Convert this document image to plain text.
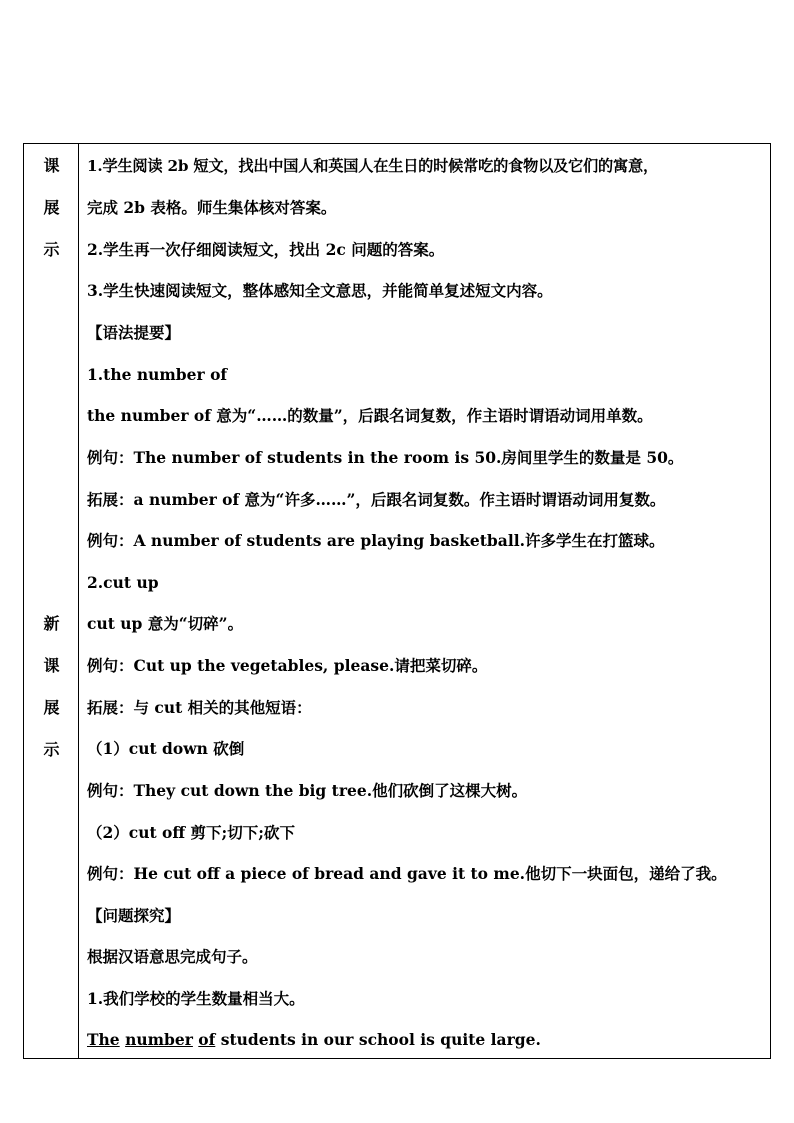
课
展
示
新
课
展
示
1.学生阅读 2b 短文，找出中国人和英国人在生日的时候常吃的食物以及它们的寓意，
完成 2b 表格。师生集体核对答案。
2.学生再一次仔细阅读短文，找出 2c 问题的答案。
3.学生快速阅读短文，整体感知全文意思，并能简单复述短文内容。
【语法提要】
1.the number of
the number of 意为“……的数量”，后跟名词复数，作主语时谓语动词用单数。
例句：The number of students in the room is 50.房间里学生的数量是 50。
拓展：a number of 意为“许多……”，后跟名词复数。作主语时谓语动词用复数。
例句：A number of students are playing basketball.许多学生在打篮球。
2.cut up
cut up 意为“切碎”。
例句：Cut up the vegetables, please.请把菜切碎。
拓展：与 cut 相关的其他短语：
（1）cut down 砍倒
例句：They cut down the big tree.他们砍倒了这棵大树。
（2）cut off 剪下;切下;砍下
例句：He cut off a piece of bread and gave it to me.他切下一块面包，递给了我。
【问题探究】
根据汉语意思完成句子。
1.我们学校的学生数量相当大。
The number of students in our school is quite large.
